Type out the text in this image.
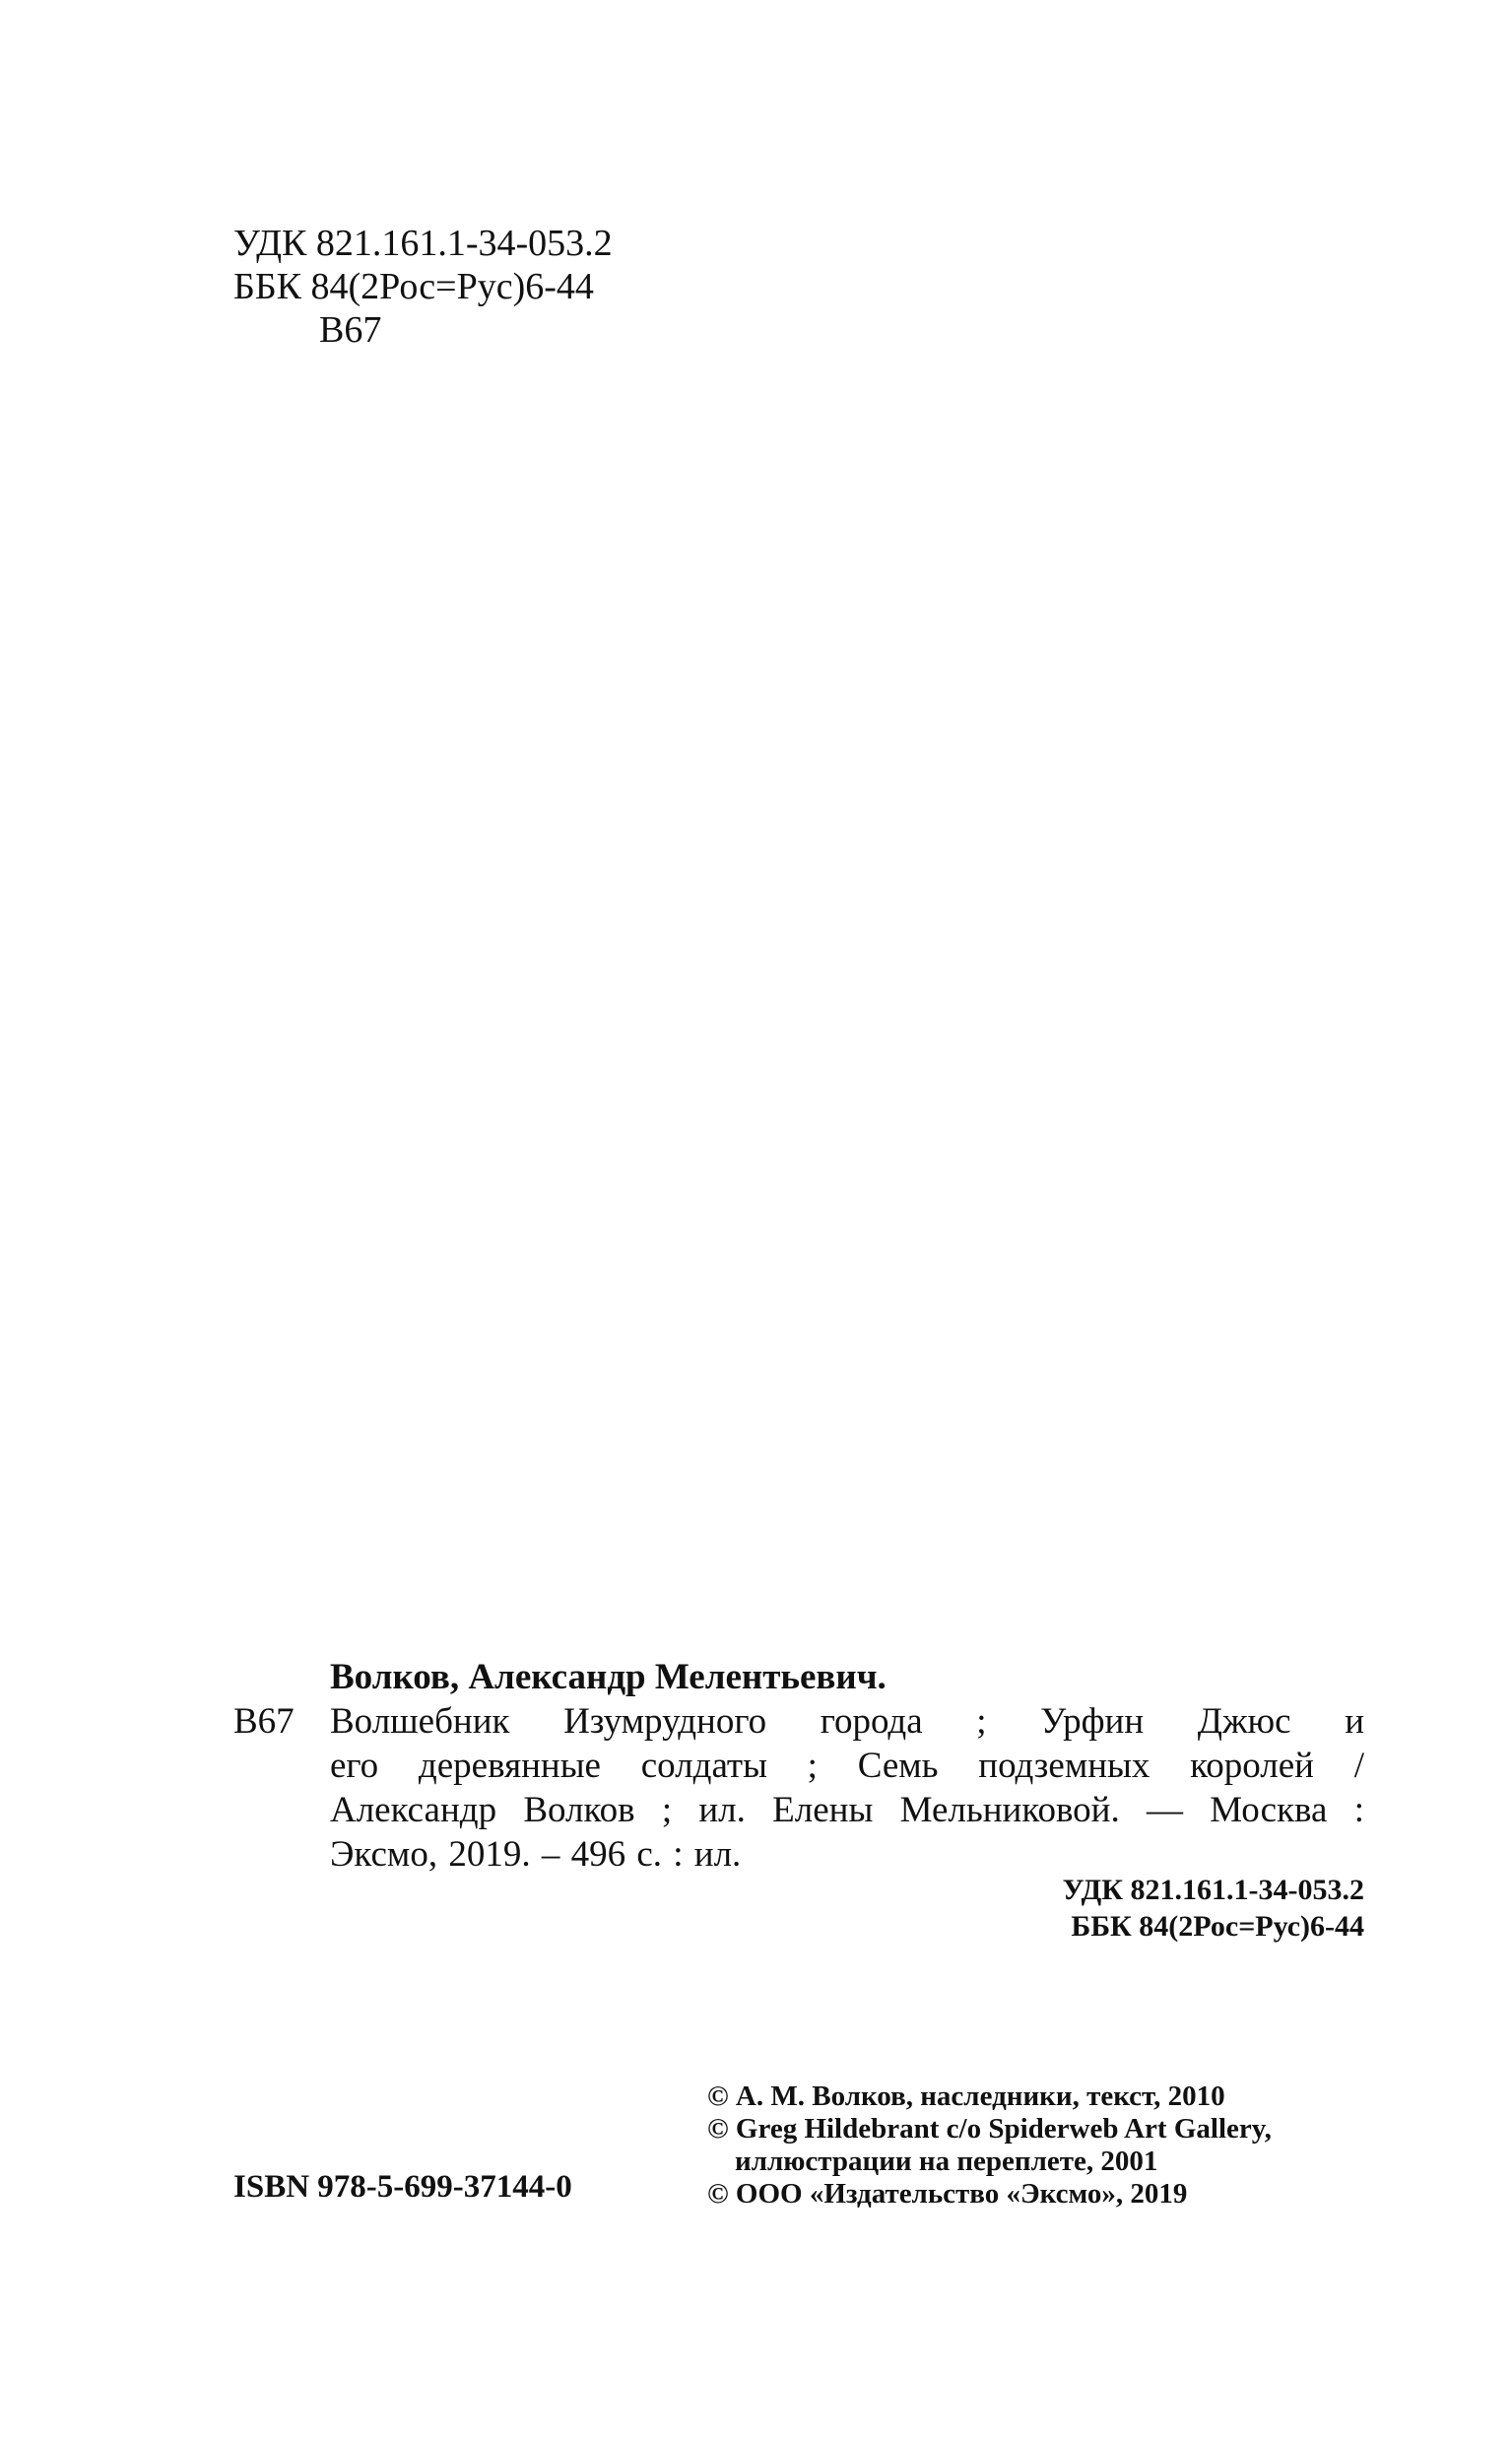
УДК 821.161.1-34-053.2
ББК 84(2Рос=Рус)6-44
В67
Волков, Александр Мелентьевич.
В67 Волшебник Изумрудного города ; Урфин Джюс и
его деревянные солдаты ; Семь подземных королей /
Александр Волков ; ил. Елены Мельниковой. — Москва :
Эксмо, 2019. – 496 с. : ил.
УДК 821.161.1-34-053.2
ББК 84(2Рос=Рус)6-44
ISBN 978-5-699-37144-0
© А. М. Волков, наследники, текст, 2010
© Greg Hildebrant c/o Spiderweb Art Gallery,
иллюстрации на переплете, 2001
© ООО «Издательство «Эксмо», 2019
